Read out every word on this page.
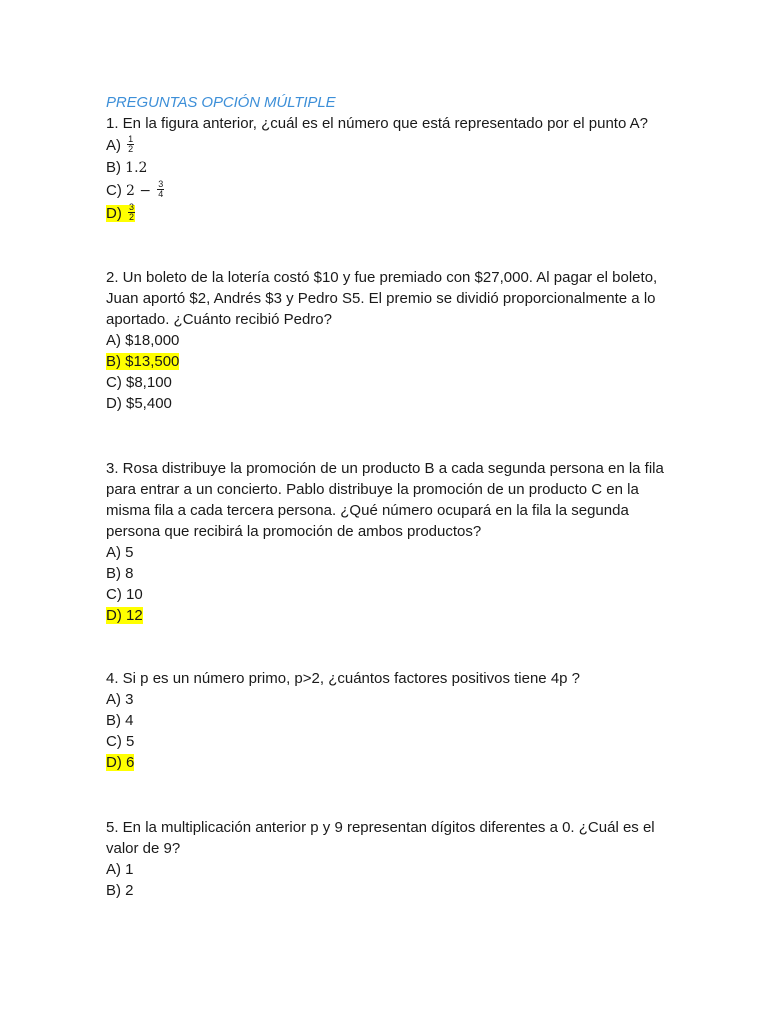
PREGUNTAS OPCIÓN MÚLTIPLE
1. En la figura anterior, ¿cuál es el número que está representado por el punto A?
$A) \frac{1}{2}$
B) 1.2
C) $2 - \frac{3}{4}$
$D) \frac{3}{2}$
2. Un boleto de la lotería costó $10 y fue premiado con $27,000. Al pagar el boleto, Juan aportó $2, Andrés $3 y Pedro S5. El premio se dividió proporcionalmente a lo aportado. ¿Cuánto recibió Pedro?
A) $18,000
B) $13,500
C) $8,100
D) $5,400
3. Rosa distribuye la promoción de un producto B a cada segunda persona en la fila para entrar a un concierto. Pablo distribuye la promoción de un producto C en la misma fila a cada tercera persona. ¿Qué número ocupará en la fila la segunda persona que recibirá la promoción de ambos productos?
A) 5
B) 8
C) 10
D) 12
4. Si p es un número primo, p>2, ¿cuántos factores positivos tiene 4p ?
A) 3
B) 4
C) 5
D) 6
5. En la multiplicación anterior p y 9 representan dígitos diferentes a 0. ¿Cuál es el valor de 9?
A) 1
B) 2
